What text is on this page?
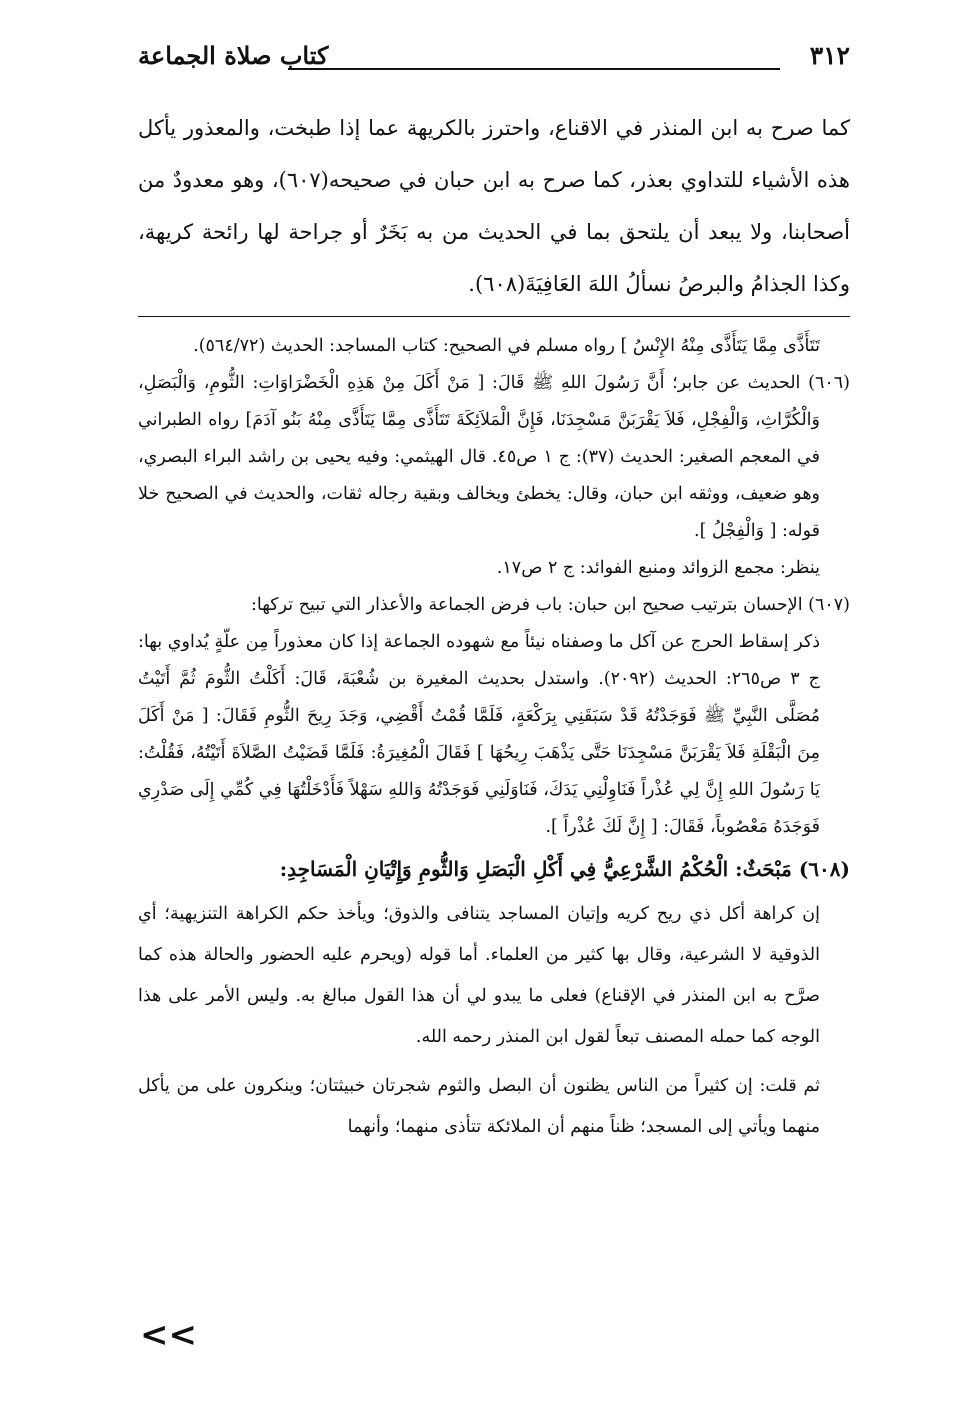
٣١٢
كتاب صلاة الجماعة

كما صرح به ابن المنذر في الاقناع، واحترز بالكريهة عما إذا طبخت، والمعذور يأكل هذه الأشياء للتداوي بعذر، كما صرح به ابن حبان في صحيحه(٦٠٧)، وهو معدودٌ من أصحابنا، ولا يبعد أن يلتحق بما في الحديث من به بَخَرٌ أو جراحة لها رائحة كريهة، وكذا الجذامُ والبرصُ نسألُ اللهَ العَافِيَةَ(٦٠٨).

تَتَأَذَّى مِمَّا يَتَأَذَّى مِنْهُ الإِنْسُ ] رواه مسلم في الصحيح: كتاب المساجد: الحديث (٥٦٤/٧٢).

(٦٠٦) الحديث عن جابر؛ أَنَّ رَسُولَ اللهِ ﷺ قَالَ: [ مَنْ أَكَلَ مِنْ هَذِهِ الْخَضْرَاوَاتِ: الثُّومِ، وَالْبَصَلِ، وَالْكُرَّاثِ، وَالْفِجْلِ، فَلاَ يَقْرَبَنَّ مَسْجِدَنَا، فَإِنَّ الْمَلاَئِكَةَ تَتَأَذَّى مِمَّا يَتَأَذَّى مِنْهُ بَنُو آدَمَ] رواه الطبراني في المعجم الصغير: الحديث (٣٧): ج ١ ص٤٥. قال الهيثمي: وفيه يحيى بن راشد البراء البصري، وهو ضعيف، ووثقه ابن حبان، وقال: يخطئ ويخالف وبقية رجاله ثقات، والحديث في الصحيح خلا قوله: [ وَالْفِجْلُ ].

ينظر: مجمع الزوائد ومنبع الفوائد: ج ٢ ص١٧.

(٦٠٧) الإحسان بترتيب صحيح ابن حبان: باب فرض الجماعة والأعذار التي تبيح تركها:

ذكر إسقاط الحرج عن آكل ما وصفناه نيئاً مع شهوده الجماعة إذا كان معذوراً مِن علّةٍ يُداوي بها: ج ٣ ص٢٦٥: الحديث (٢٠٩٢). واستدل بحديث المغيرة بن شُعْبَةَ، قَالَ: أَكَلْتُ الثُّومَ ثُمَّ أَتَيْتُ مُصَلَّى النَّبِيِّ ﷺ فَوَجَدْتُهُ قَدْ سَبَقَنِي بِرَكْعَةٍ، فَلَمَّا قُمْتُ أَقْضِي، وَجَدَ رِيحَ الثُّومِ فَقَالَ: [ مَنْ أَكَلَ مِنَ الْبَقْلَةِ فَلاَ يَقْرَبَنَّ مَسْجِدَنَا حَتَّى يَذْهَبَ رِيحُهَا ] فَقَالَ الْمُغِيرَةُ: فَلَمَّا قَضَيْتُ الصَّلاَةَ أَتَيْتُهُ، فَقُلْتُ: يَا رَسُولَ اللهِ إِنَّ لِي عُذْراً فَنَاوِلْنِي يَدَكَ، فَنَاوَلَنِي فَوَجَدْتُهُ وَاللهِ سَهْلاً فَأَدْخَلْتُهَا فِي كُمِّي إِلَى صَدْرِي فَوَجَدَهُ مَعْصُوباً، فَقَالَ: [ إِنَّ لَكَ عُذْراً ].

(٦٠٨) مَبْحَثٌ: الْحُكْمُ الشَّرْعِيُّ فِي أَكْلِ الْبَصَلِ وَالثُّومِ وَإِتْيَانِ الْمَسَاجِدِ:

إن كراهة أكل ذي ريح كريه وإتيان المساجد يتنافى والذوق؛ ويأخذ حكم الكراهة التنزيهية؛ أي الذوقية لا الشرعية، وقال بها كثير من العلماء. أما قوله (ويحرم عليه الحضور والحالة هذه كما صرَّح به ابن المنذر في الإقناع) فعلى ما يبدو لي أن هذا القول مبالغ به. وليس الأمر على هذا الوجه كما حمله المصنف تبعاً لقول ابن المنذر رحمه الله.

ثم قلت: إن كثيراً من الناس يظنون أن البصل والثوم شجرتان خبيثتان؛ وينكرون على من يأكل منهما ويأتي إلى المسجد؛ ظناً منهم أن الملائكة تتأذى منهما؛ وأنهما

<<
